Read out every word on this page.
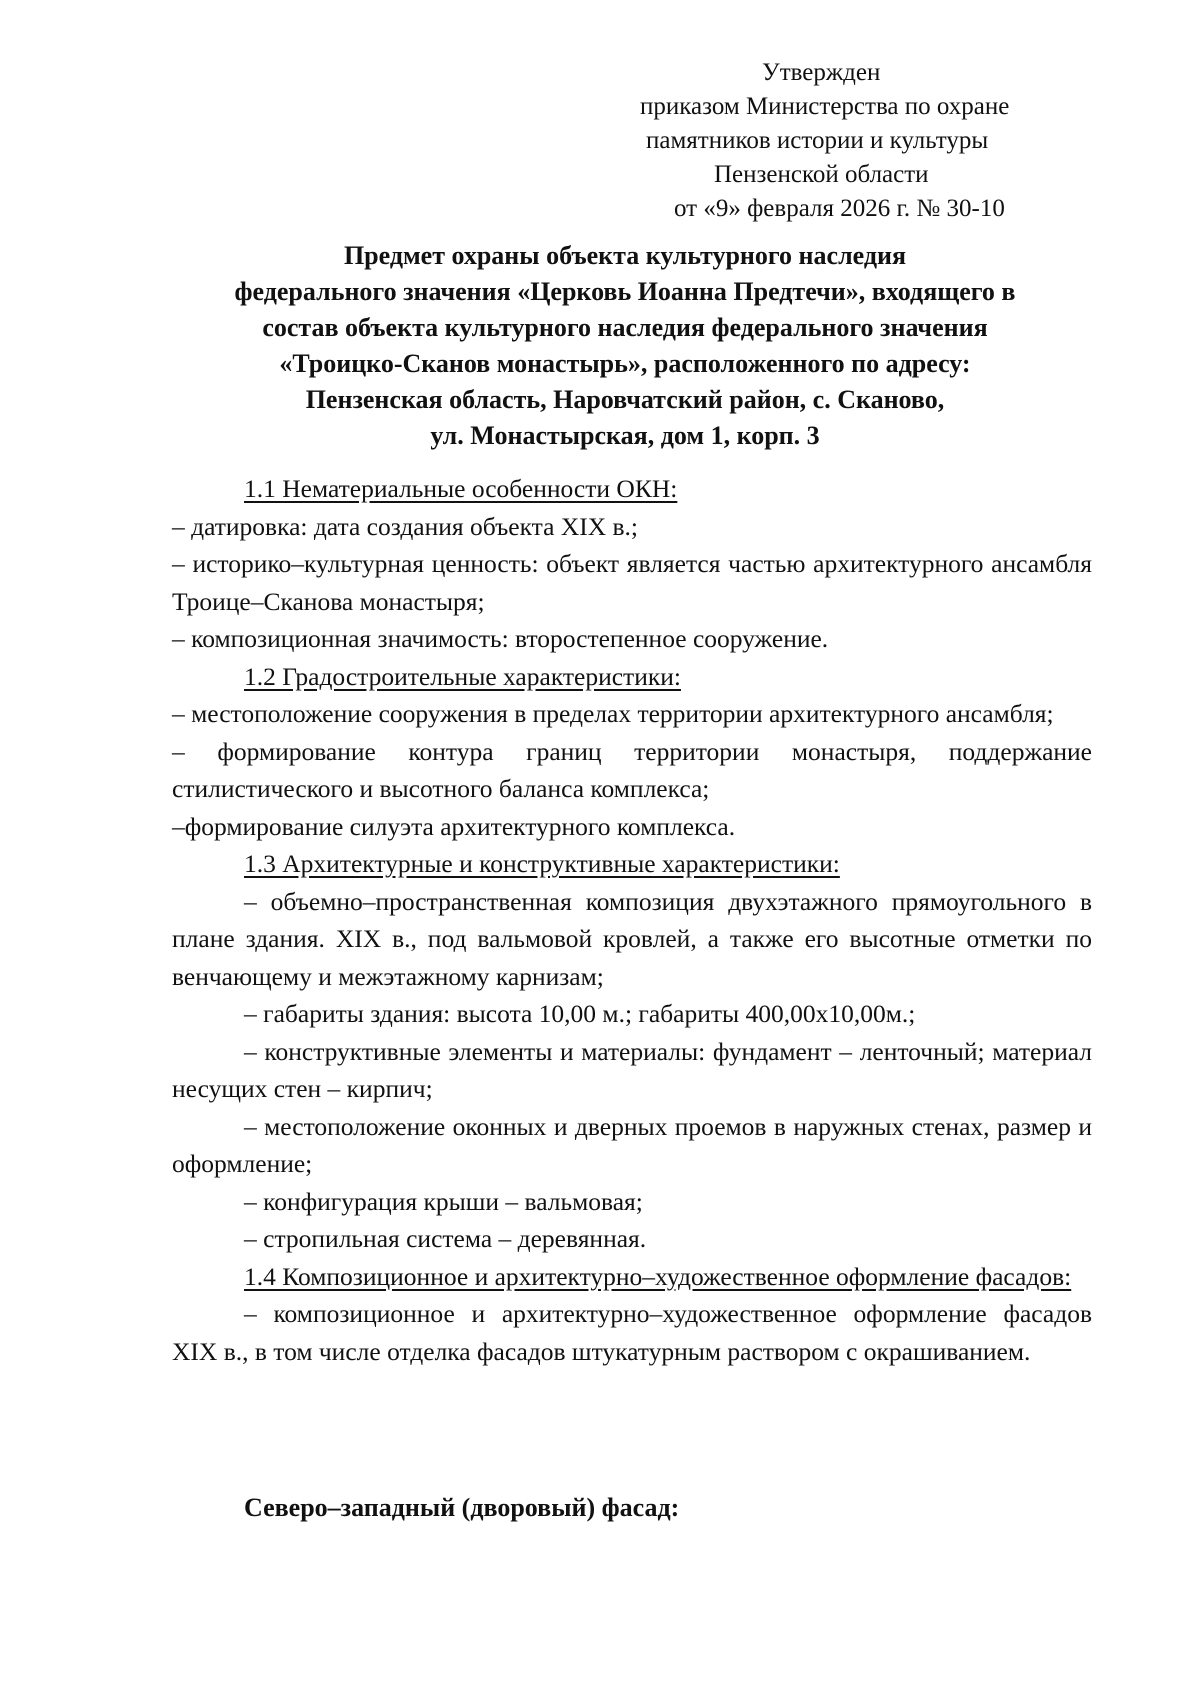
Утвержден
приказом Министерства по охране
памятников истории и культуры
Пензенской области
от «9» февраля 2026 г. № 30-10
Предмет охраны объекта культурного наследия
федерального значения «Церковь Иоанна Предтечи», входящего в
состав объекта культурного наследия федерального значения
«Троицко-Сканов монастырь», расположенного по адресу:
Пензенская область, Наровчатский район, с. Сканово,
ул. Монастырская, дом 1, корп. 3

1.1 Нематериальные особенности ОКН:

– датировка: дата создания объекта XIX в.;

– историко–культурная ценность: объект является частью архитектурного ансамбля Троице–Сканова монастыря;

– композиционная значимость: второстепенное сооружение.

1.2 Градостроительные характеристики:

– местоположение сооружения в пределах территории архитектурного ансамбля;

– формирование контура границ территории монастыря, поддержание стилистического и высотного баланса комплекса;

–формирование силуэта архитектурного комплекса.

1.3 Архитектурные и конструктивные характеристики:

– объемно–пространственная композиция двухэтажного прямоугольного в плане здания. XIX в., под вальмовой кровлей, а также его высотные отметки по венчающему и межэтажному карнизам;

– габариты здания: высота 10,00 м.; габариты 400,00х10,00м.;

– конструктивные элементы и материалы: фундамент – ленточный; материал несущих стен – кирпич;

– местоположение оконных и дверных проемов в наружных стенах, размер и оформление;

– конфигурация крыши – вальмовая;

– стропильная система – деревянная.

1.4 Композиционное и архитектурно–художественное оформление фасадов:

– композиционное и архитектурно–художественное оформление фасадов XIX в., в том числе отделка фасадов штукатурным раствором с окрашиванием.

Северо–западный (дворовый) фасад:
